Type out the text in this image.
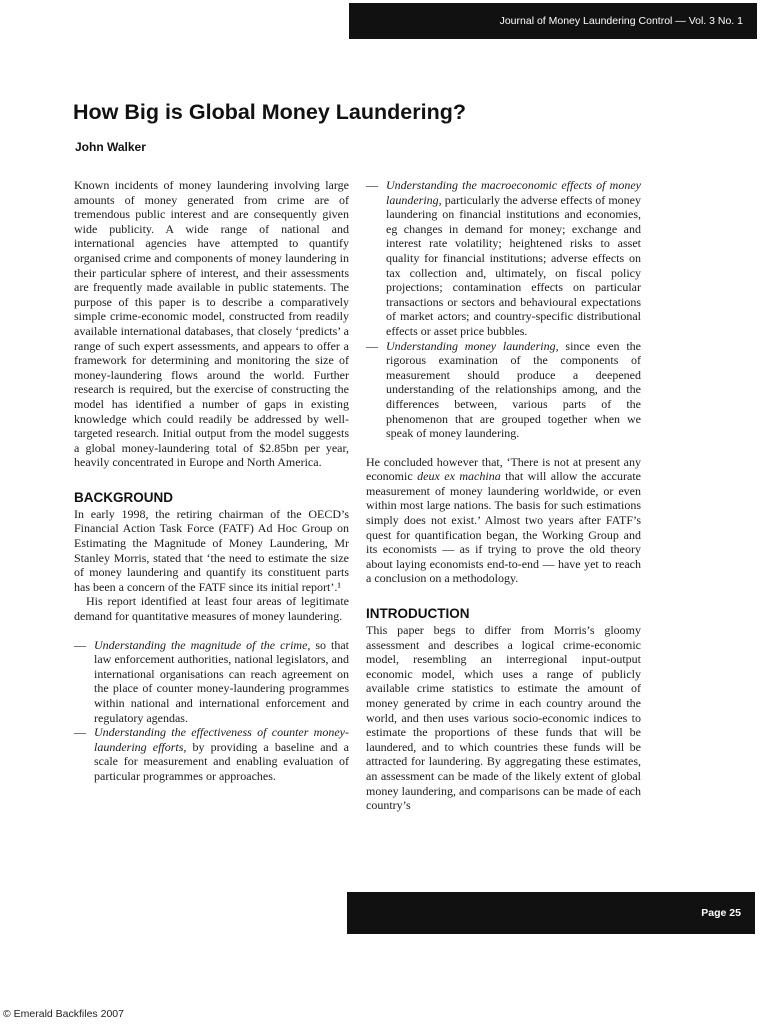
Journal of Money Laundering Control — Vol. 3 No. 1
How Big is Global Money Laundering?
John Walker

Known incidents of money laundering involving large amounts of money generated from crime are of tremendous public interest and are consequently given wide publicity. A wide range of national and international agencies have attempted to quantify organised crime and components of money laundering in their particular sphere of interest, and their assessments are frequently made available in public statements. The purpose of this paper is to describe a comparatively simple crime-economic model, constructed from readily available international databases, that closely ‘predicts’ a range of such expert assessments, and appears to offer a framework for determining and monitoring the size of money-laundering flows around the world. Further research is required, but the exercise of constructing the model has identified a number of gaps in existing knowledge which could readily be addressed by well-targeted research. Initial output from the model suggests a global money-laundering total of $2.85bn per year, heavily concentrated in Europe and North America.

BACKGROUND

In early 1998, the retiring chairman of the OECD’s Financial Action Task Force (FATF) Ad Hoc Group on Estimating the Magnitude of Money Laundering, Mr Stanley Morris, stated that ‘the need to estimate the size of money laundering and quantify its constituent parts has been a concern of the FATF since its initial report’.¹

His report identified at least four areas of legitimate demand for quantitative measures of money laundering.

— Understanding the magnitude of the crime, so that law enforcement authorities, national legislators, and international organisations can reach agreement on the place of counter money-laundering programmes within national and international enforcement and regulatory agendas.

— Understanding the effectiveness of counter money-laundering efforts, by providing a baseline and a scale for measurement and enabling evaluation of particular programmes or approaches.

— Understanding the macroeconomic effects of money laundering, particularly the adverse effects of money laundering on financial institutions and economies, eg changes in demand for money; exchange and interest rate volatility; heightened risks to asset quality for financial institutions; adverse effects on tax collection and, ultimately, on fiscal policy projections; contamination effects on particular transactions or sectors and behavioural expectations of market actors; and country-specific distributional effects or asset price bubbles.

— Understanding money laundering, since even the rigorous examination of the components of measurement should produce a deepened understanding of the relationships among, and the differences between, various parts of the phenomenon that are grouped together when we speak of money laundering.

He concluded however that, ‘There is not at present any economic deux ex machina that will allow the accurate measurement of money laundering worldwide, or even within most large nations. The basis for such estimations simply does not exist.’ Almost two years after FATF’s quest for quantification began, the Working Group and its economists — as if trying to prove the old theory about laying economists end-to-end — have yet to reach a conclusion on a methodology.

INTRODUCTION

This paper begs to differ from Morris’s gloomy assessment and describes a logical crime-economic model, resembling an interregional input-output economic model, which uses a range of publicly available crime statistics to estimate the amount of money generated by crime in each country around the world, and then uses various socio-economic indices to estimate the proportions of these funds that will be laundered, and to which countries these funds will be attracted for laundering. By aggregating these estimates, an assessment can be made of the likely extent of global money laundering, and comparisons can be made of each country’s

Page 25
© Emerald Backfiles 2007
